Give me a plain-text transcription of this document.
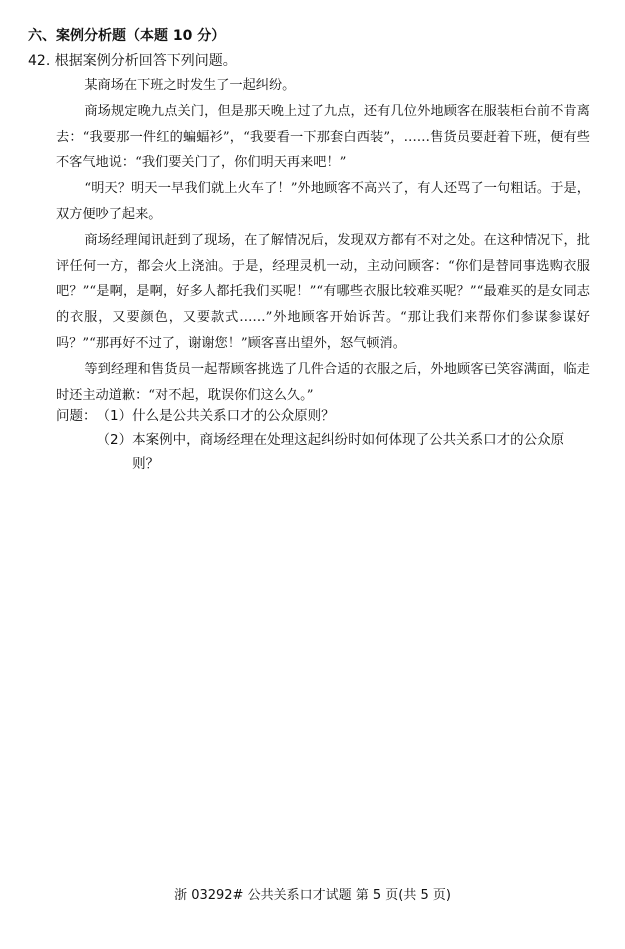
六、案例分析题（本题 10 分）
42. 根据案例分析回答下列问题。

某商场在下班之时发生了一起纠纷。

商场规定晚九点关门，但是那天晚上过了九点，还有几位外地顾客在服装柜台前不肯离去：“我要那一件红的蝙蝠衫”，“我要看一下那套白西装”，……售货员要赶着下班，便有些不客气地说：“我们要关门了，你们明天再来吧！”

“明天？明天一早我们就上火车了！”外地顾客不高兴了，有人还骂了一句粗话。于是，双方便吵了起来。

商场经理闻讯赶到了现场，在了解情况后，发现双方都有不对之处。在这种情况下，批评任何一方，都会火上浇油。于是，经理灵机一动，主动问顾客：“你们是替同事选购衣服吧？”“是啊，是啊，好多人都托我们买呢！”“有哪些衣服比较难买呢？”“最难买的是女同志的衣服，又要颜色，又要款式……”外地顾客开始诉苦。“那让我们来帮你们参谋参谋好吗？”“那再好不过了，谢谢您！”顾客喜出望外，怒气顿消。

等到经理和售货员一起帮顾客挑选了几件合适的衣服之后，外地顾客已笑容满面，临走时还主动道歉：“对不起，耽误你们这么久。”

问题： （1） 什么是公共关系口才的公众原则？
（2） 本案例中，商场经理在处理这起纠纷时如何体现了公共关系口才的公众原则？
浙 03292# 公共关系口才试题 第 5 页(共 5 页)
